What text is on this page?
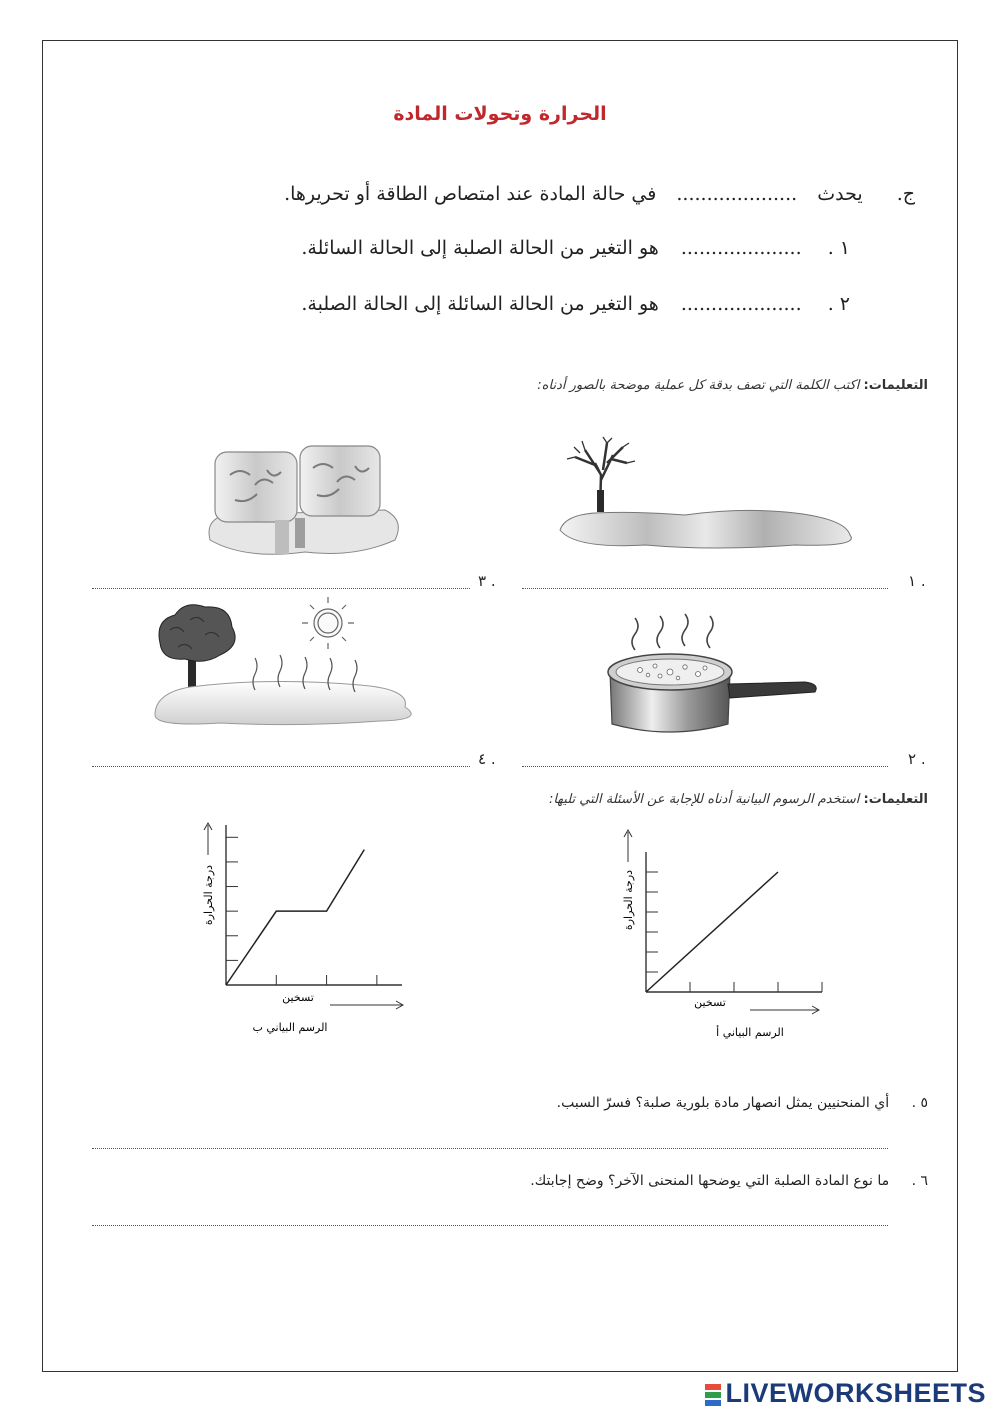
الحرارة وتحولات المادة
ج. يحدث .................... في حالة المادة عند امتصاص الطاقة أو تحريرها.
١ . .................... هو التغير من الحالة الصلبة إلى الحالة السائلة.
٢ . .................... هو التغير من الحالة السائلة إلى الحالة الصلبة.
التعليمات: اكتب الكلمة التي تصف بدقة كل عملية موضحة بالصور أدناه:
١ .
٣ .
٢ .
٤ .
التعليمات: استخدم الرسوم البيانية أدناه للإجابة عن الأسئلة التي تليها:
درجة الحرارة
تسخين
الرسم البياني أ
درجة الحرارة
تسخين
الرسم البياني ب
٥ . أي المنحنيين يمثل انصهار مادة بلورية صلبة؟ فسرّ السبب.
٦ . ما نوع المادة الصلبة التي يوضحها المنحنى الآخر؟ وضح إجابتك.
LIVEWORKSHEETS
